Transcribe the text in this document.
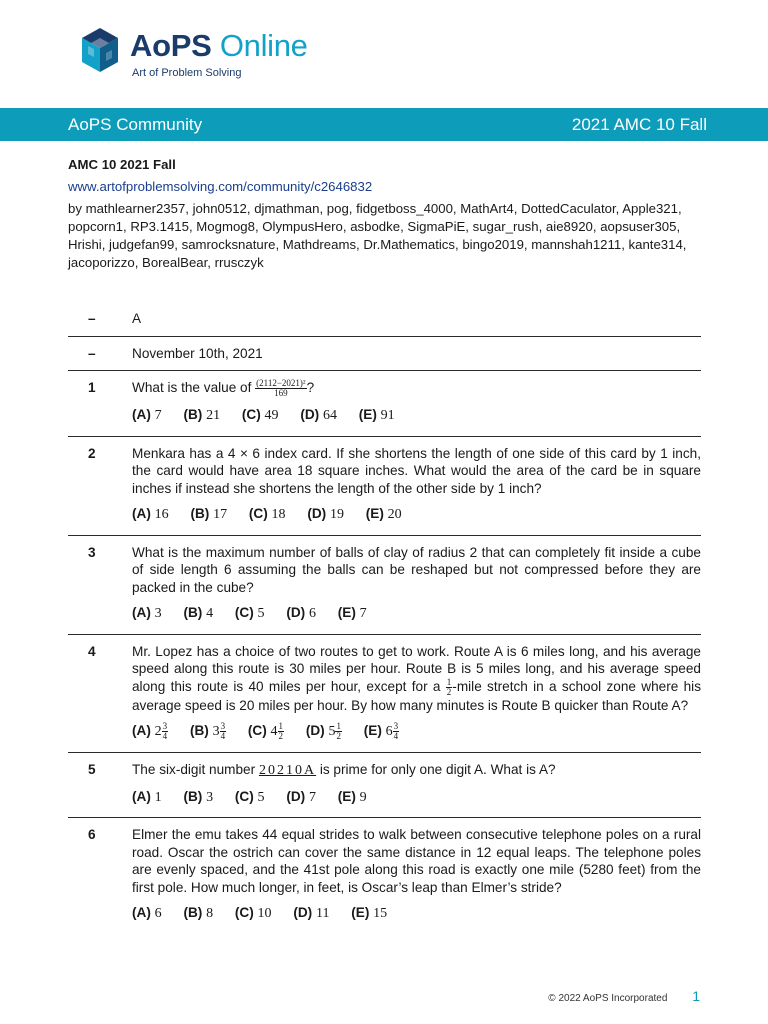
AoPS Online
Art of Problem Solving
AoPS Community	2021 AMC 10 Fall
AMC 10 2021 Fall
www.artofproblemsolving.com/community/c2646832
by mathlearner2357, john0512, djmathman, pog, fidgetboss_4000, MathArt4, DottedCaculator, Apple321, popcorn1, RP3.1415, Mogmog8, OlympusHero, asbodke, SigmaPiE, sugar_rush, aie8920, aopsuser305, Hrishi, judgefan99, samrocksnature, Mathdreams, Dr.Mathematics, bingo2019, mannshah1211, kante314, jacoporizzo, BorealBear, rrusczyk
–	A
–	November 10th, 2021
1	What is the value of $\frac{\text{(2112−2021)²}}{169}$ ?
(A) 7 (B) 21 (C) 49 (D) 64 (E) 91
2	Menkara has a 4 × 6 index card. If she shortens the length of one side of this card by 1 inch, the card would have area 18 square inches. What would the area of the card be in square inches if instead she shortens the length of the other side by 1 inch?
(A) 16 (B) 17 (C) 18 (D) 19 (E) 20
3	What is the maximum number of balls of clay of radius 2 that can completely fit inside a cube of side length 6 assuming the balls can be reshaped but not compressed before they are packed in the cube?
(A) 3 (B) 4 (C) 5 (D) 6 (E) 7
4	Mr. Lopez has a choice of two routes to get to work. Route A is 6 miles long, and his average speed along this route is 30 miles per hour. Route B is 5 miles long, and his average speed along this route is 40 miles per hour, except for a $\frac{1}{2}$ -mile stretch in a school zone where his average speed is 20 miles per hour. By how many minutes is Route B quicker than Route A?
(A) $2 \frac{3}{4} (B)$ $3 \frac{3}{4} (C)$ $4 \frac{1}{2} (D)$ $5 \frac{1}{2} (E)$ $6 \frac{3}{4}$
5	The six-digit number 20210A is prime for only one digit A. What is A?
(A) 1 (B) 3 (C) 5 (D) 7 (E) 9
6	Elmer the emu takes 44 equal strides to walk between consecutive telephone poles on a rural road. Oscar the ostrich can cover the same distance in 12 equal leaps. The telephone poles are evenly spaced, and the 41st pole along this road is exactly one mile (5280 feet) from the first pole. How much longer, in feet, is Oscar’s leap than Elmer’s stride?
(A) 6 (B) 8 (C) 10 (D) 11 (E) 15
© 2022 AoPS Incorporated 1
